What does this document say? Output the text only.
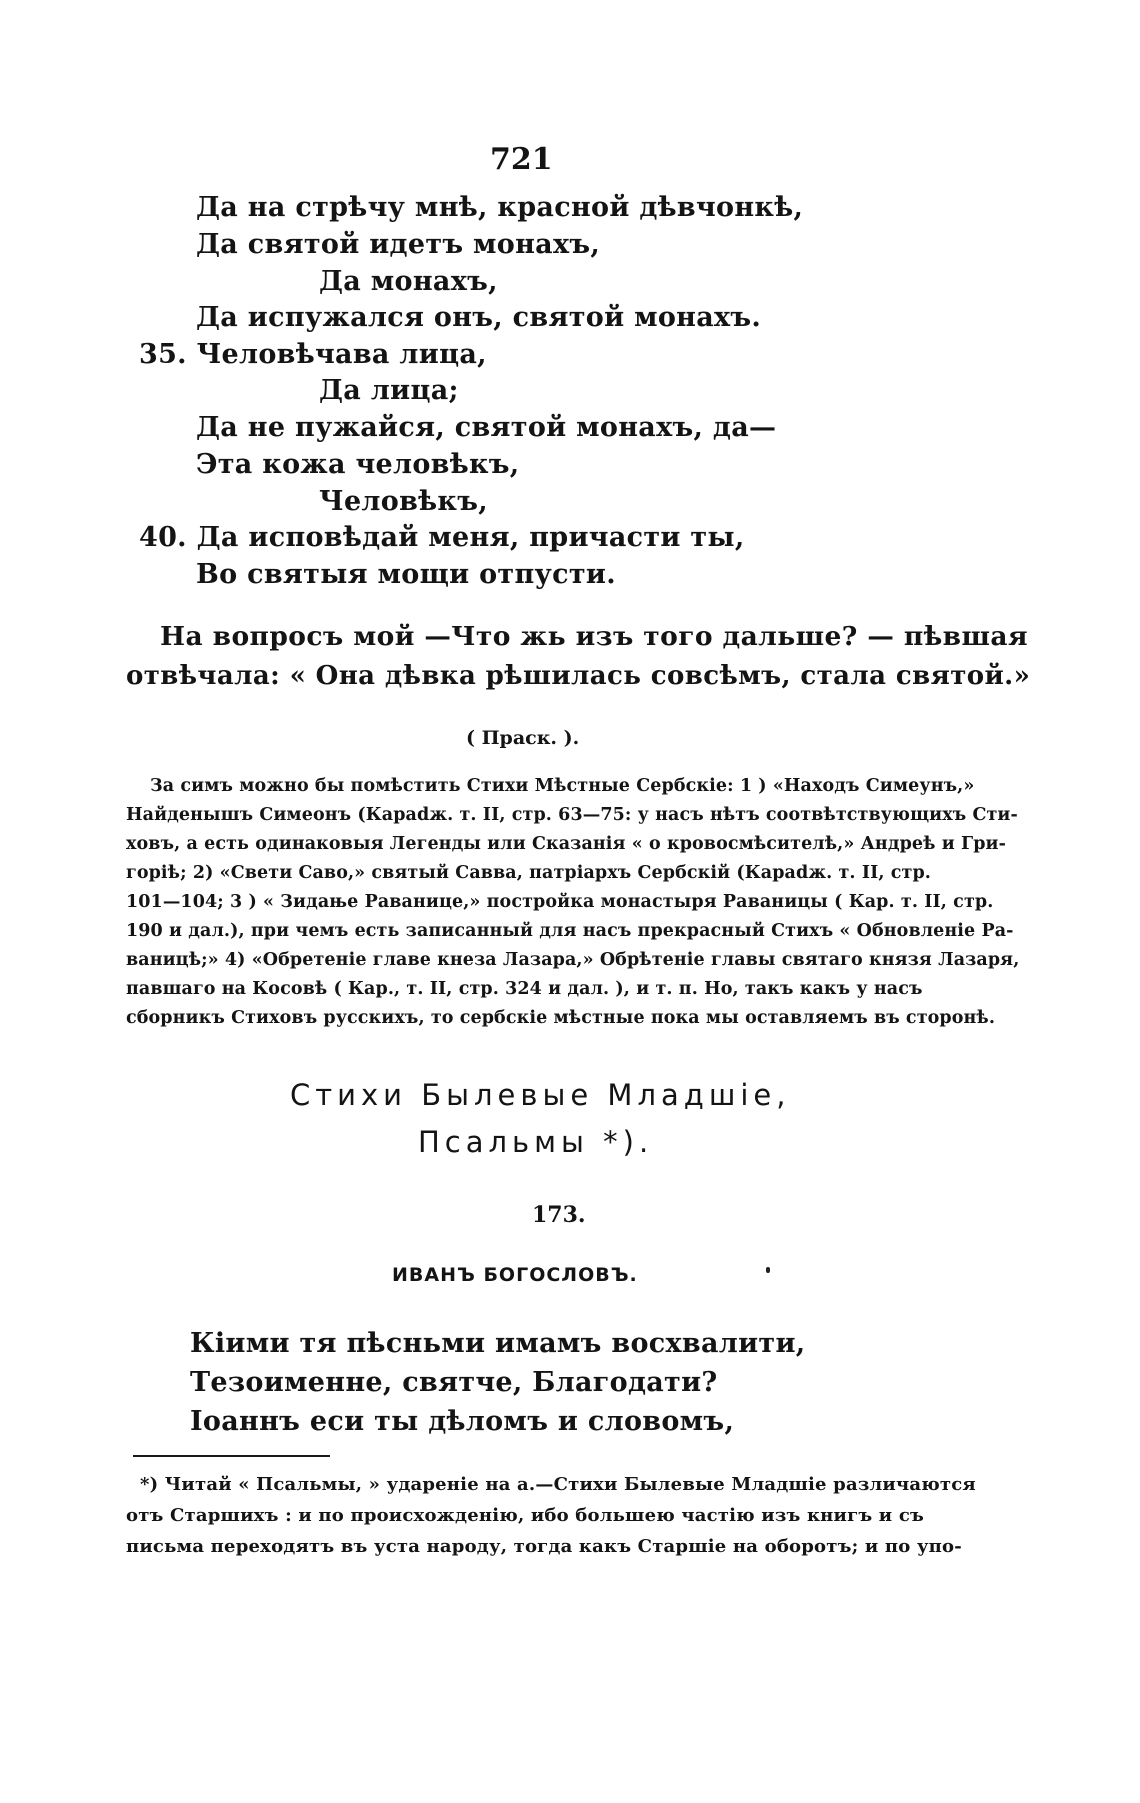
721
Да на стрѣчу мнѣ, красной дѣвчонкѣ,
Да святой идетъ монахъ,
Да монахъ,
Да испужался онъ, святой монахъ.
35. Человѣчава лица,
Да лица;
Да не пужайся, святой монахъ, да—
Эта кожа человѣкъ,
Человѣкъ,
40. Да исповѣдай меня, причасти ты,
Во святыя мощи отпусти.
На вопросъ мой —Что жь изъ того дальше? — пѣвшая
отвѣчала: « Она дѣвка рѣшилась совсѣмъ, стала святой.»
( Праск. ).
За симъ можно бы помѣстить Стихи Мѣстные Сербскіе: 1 ) «Находъ Симеунъ,»
Найденышъ Симеонъ (Караdж. т. II, стр. 63—75: у насъ нѣтъ соотвѣтствующихъ Сти-
ховъ, а есть одинаковыя Легенды или Сказанія « о кровосмѣсителѣ,» Андреѣ и Гри-
горіѣ; 2) «Свети Саво,» святый Савва, патріархъ Сербскій (Караdж. т. II, стр.
101—104; 3 ) « Зидање Раванице,» постройка монастыря Раваницы ( Кар. т. II, стр.
190 и дал.), при чемъ есть записанный для насъ прекрасный Стихъ « Обновленіе Ра-
ваницѣ;» 4) «Обретенiе главе кнеза Лазара,» Обрѣтеніе главы святаго князя Лазаря,
павшаго на Косовѣ ( Кар., т. II, стр. 324 и дал. ), и т. п. Но, такъ какъ у насъ
сборникъ Стиховъ русскихъ, то сербскіе мѣстные пока мы оставляемъ въ сторонѣ.
Стихи Былевые Младшіе,
Псальмы *).
173.
ИВАНЪ БОГОСЛОВЪ.
Кіими тя пѣсньми имамъ восхвалити,
Тезоименне, святче, Благодати?
Іоаннъ еси ты дѣломъ и словомъ,
*) Читай « Псальмы, » удареніе на а.—Стихи Былевые Младшіе различаются
отъ Старшихъ : и по происхожденію, ибо большею частію изъ книгъ и съ
письма переходятъ въ уста народу, тогда какъ Старшіе на оборотъ; и по упо-
